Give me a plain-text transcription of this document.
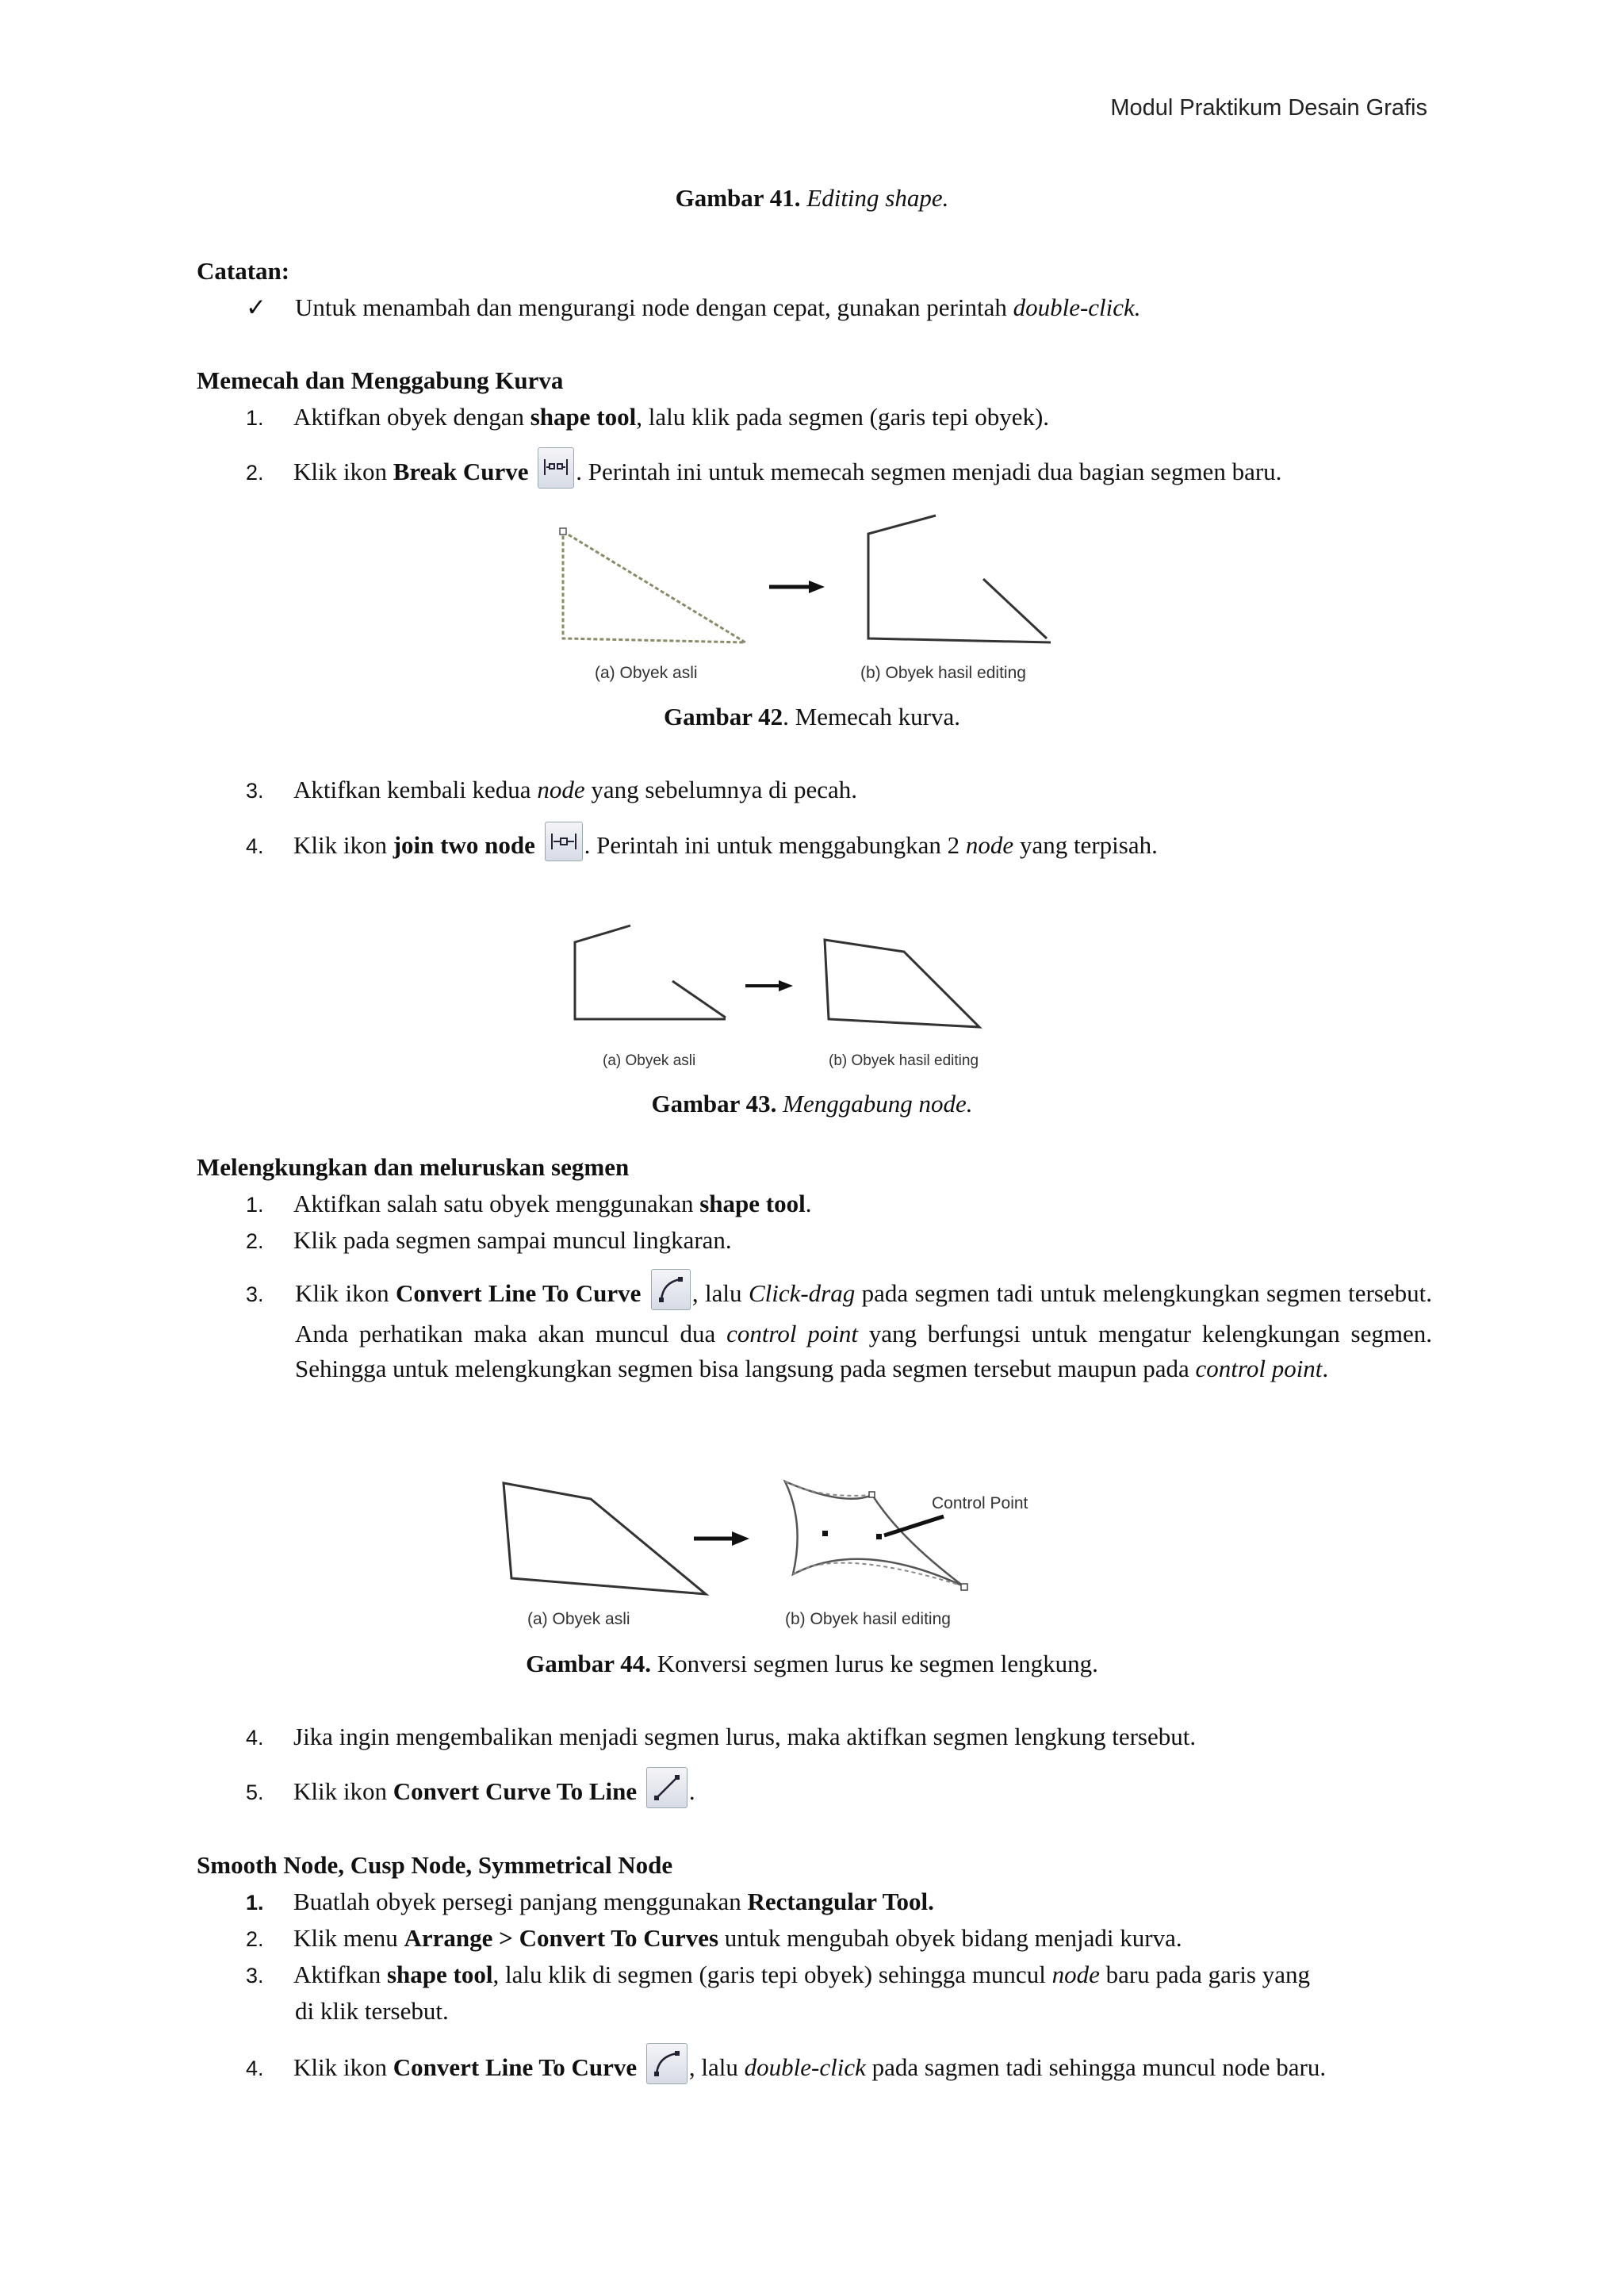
Modul Praktikum Desain Grafis
Gambar 41. Editing shape.
Catatan:
✓ Untuk menambah dan mengurangi node dengan cepat, gunakan perintah double-click.
Memecah dan Menggabung Kurva
1. Aktifkan obyek dengan shape tool, lalu klik pada segmen (garis tepi obyek).
2. Klik ikon Break Curve . Perintah ini untuk memecah segmen menjadi dua bagian segmen baru.
(a) Obyek asli	(b) Obyek hasil editing
Gambar 42. Memecah kurva.
3. Aktifkan kembali kedua node yang sebelumnya di pecah.
4. Klik ikon join two node . Perintah ini untuk menggabungkan 2 node yang terpisah.
(a) Obyek asli	(b) Obyek hasil editing
Gambar 43. Menggabung node.
Melengkungkan dan meluruskan segmen
1. Aktifkan salah satu obyek menggunakan shape tool.
2. Klik pada segmen sampai muncul lingkaran.
3.	Klik ikon Convert Line To Curve , lalu Click-drag pada segmen tadi untuk melengkungkan segmen tersebut. Anda perhatikan maka akan muncul dua control point yang berfungsi untuk mengatur kelengkungan segmen. Sehingga untuk melengkungkan segmen bisa langsung pada segmen tersebut maupun pada control point.
Control Point
(a) Obyek asli	(b) Obyek hasil editing
Gambar 44. Konversi segmen lurus ke segmen lengkung.
4. Jika ingin mengembalikan menjadi segmen lurus, maka aktifkan segmen lengkung tersebut.
5. Klik ikon Convert Curve To Line .
Smooth Node, Cusp Node, Symmetrical Node
1. Buatlah obyek persegi panjang menggunakan Rectangular Tool.
2. Klik menu Arrange > Convert To Curves untuk mengubah obyek bidang menjadi kurva.
3. Aktifkan shape tool, lalu klik di segmen (garis tepi obyek) sehingga muncul node baru pada garis yang
di klik tersebut.
4. Klik ikon Convert Line To Curve , lalu double-click pada sagmen tadi sehingga muncul node baru.
